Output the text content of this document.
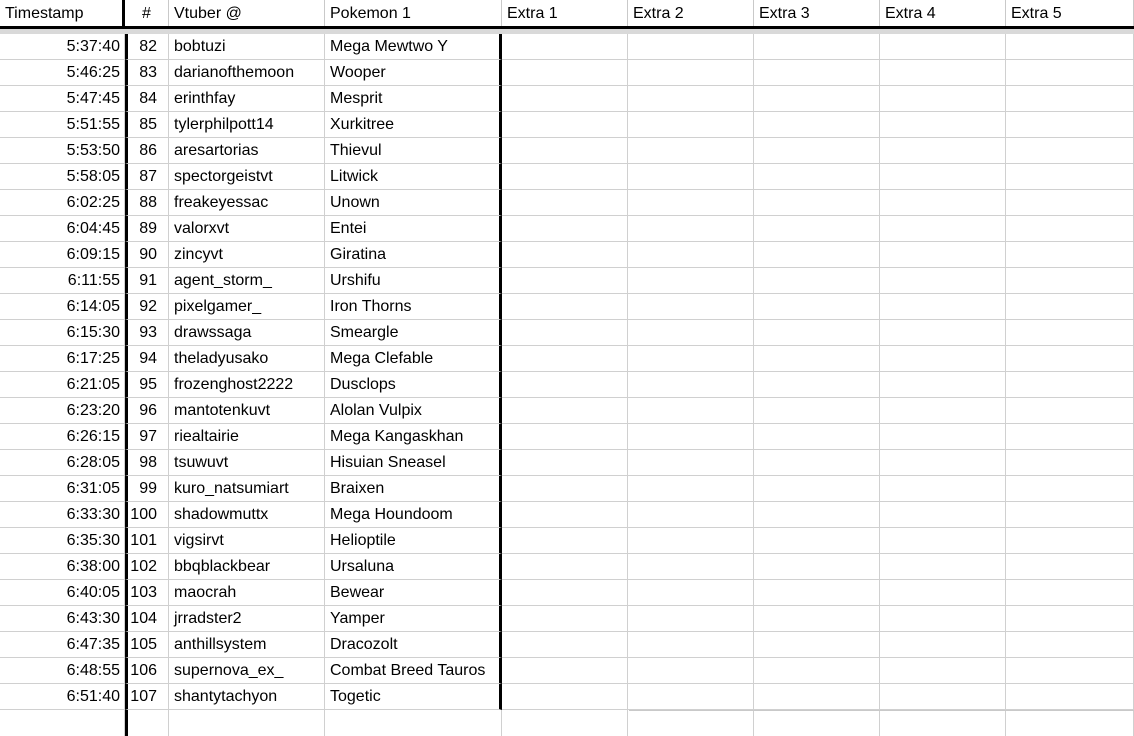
Timestamp	#	Vtuber @	Pokemon 1	Extra 1	Extra 2	Extra 3	Extra 4	Extra 5
5:37:40	82	bobtuzi	Mega Mewtwo Y
5:46:25	83	darianofthemoon	Wooper
5:47:45	84	erinthfay	Mesprit
5:51:55	85	tylerphilpott14	Xurkitree
5:53:50	86	aresartorias	Thievul
5:58:05	87	spectorgeistvt	Litwick
6:02:25	88	freakeyessac	Unown
6:04:45	89	valorxvt	Entei
6:09:15	90	zincyvt	Giratina
6:11:55	91	agent_storm_	Urshifu
6:14:05	92	pixelgamer_	Iron Thorns
6:15:30	93	drawssaga	Smeargle
6:17:25	94	theladyusako	Mega Clefable
6:21:05	95	frozenghost2222	Dusclops
6:23:20	96	mantotenkuvt	Alolan Vulpix
6:26:15	97	riealtairie	Mega Kangaskhan
6:28:05	98	tsuwuvt	Hisuian Sneasel
6:31:05	99	kuro_natsumiart	Braixen
6:33:30 100	shadowmuttx	Mega Houndoom
6:35:30 101	vigsirvt	Helioptile
6:38:00 102	bbqblackbear	Ursaluna
6:40:05 103	maocrah	Bewear
6:43:30 104	jrradster2	Yamper
6:47:35 105	anthillsystem	Dracozolt
6:48:55 106	supernova_ex_	Combat Breed Tauros
6:51:40 107	shantytachyon	Togetic
